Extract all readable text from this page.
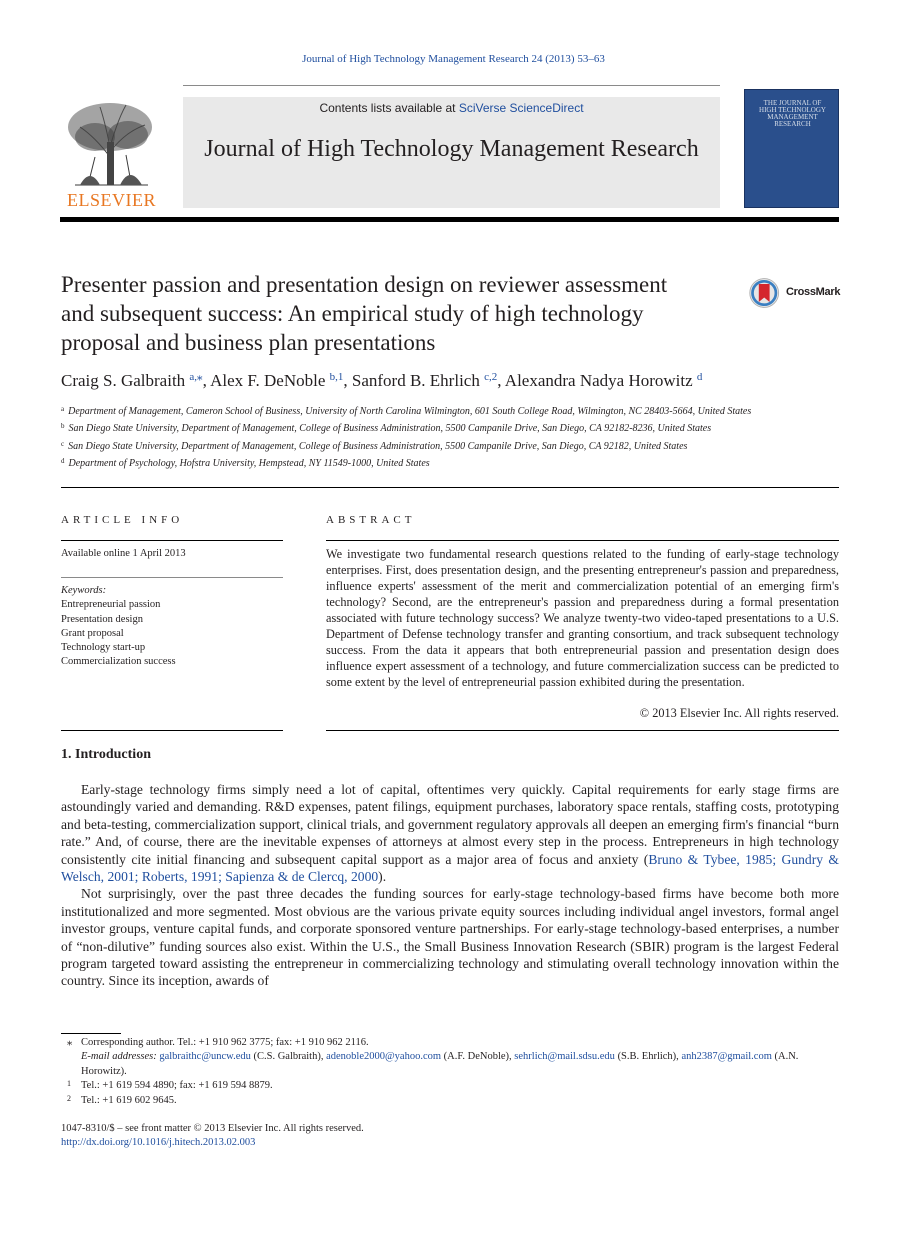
Journal of High Technology Management Research 24 (2013) 53–63
ELSEVIER
Contents lists available at SciVerse ScienceDirect
Journal of High Technology Management Research
THE JOURNAL OF HIGH TECHNOLOGY MANAGEMENT RESEARCH
Presenter passion and presentation design on reviewer assessment and subsequent success: An empirical study of high technology proposal and business plan presentations
CrossMark
Craig S. Galbraith $^{a,⁎}$, Alex F. DeNoble $^{b,1}$, Sanford B. Ehrlich $^{c,2}$, Alexandra Nadya Horowitz $^d$
$^a$ Department of Management, Cameron School of Business, University of North Carolina Wilmington, 601 South College Road, Wilmington, NC 28403-5664, United States
$^b$ San Diego State University, Department of Management, College of Business Administration, 5500 Campanile Drive, San Diego, CA 92182-8236, United States
$^c$ San Diego State University, Department of Management, College of Business Administration, 5500 Campanile Drive, San Diego, CA 92182, United States
$^d$ Department of Psychology, Hofstra University, Hempstead, NY 11549-1000, United States
ARTICLE INFO
Available online 1 April 2013
Keywords:
Entrepreneurial passion
Presentation design
Grant proposal
Technology start-up
Commercialization success
ABSTRACT
We investigate two fundamental research questions related to the funding of early-stage technology enterprises. First, does presentation design, and the presenting entrepreneur's passion and preparedness, influence experts' assessment of the merit and commercialization potential of an emerging firm's technology? Second, are the entrepreneur's passion and preparedness during a formal presentation associated with future technology success? We analyze twenty-two video-taped presentations to a U.S. Department of Defense technology transfer and granting consortium, and track subsequent technology success. From the data it appears that both entrepreneurial passion and presentation design does influence expert assessment of a technology, and future commercialization success can be predicted to some extent by the level of entrepreneurial passion exhibited during the presentation.
© 2013 Elsevier Inc. All rights reserved.
1. Introduction

Early-stage technology firms simply need a lot of capital, oftentimes very quickly. Capital requirements for early stage firms are astoundingly varied and demanding. R&D expenses, patent filings, equipment purchases, laboratory space rentals, staffing costs, prototyping and beta-testing, commercialization support, clinical trials, and government regulatory approvals all deepen an emerging firm's financial “burn rate.” And, of course, there are the inevitable expenses of attorneys at almost every step in the process. Entrepreneurs in high technology consistently cite initial financing and subsequent capital support as a major area of focus and anxiety (Bruno & Tybee, 1985; Gundry & Welsch, 2001; Roberts, 1991; Sapienza & de Clercq, 2000).

Not surprisingly, over the past three decades the funding sources for early-stage technology-based firms have become both more institutionalized and more segmented. Most obvious are the various private equity sources including individual angel investors, formal angel investor groups, venture capital funds, and corporate sponsored venture partnerships. For early-stage technology-based enterprises, a number of “non-dilutive” funding sources also exist. Within the U.S., the Small Business Innovation Research (SBIR) program is the largest Federal program targeted toward assisting the entrepreneur in commercializing technology and stimulating overall technology innovation within the country. Since its inception, awards of

⁎ Corresponding author. Tel.: +1 910 962 3775; fax: +1 910 962 2116.
E-mail addresses: galbraithc@uncw.edu (C.S. Galbraith), adenoble2000@yahoo.com (A.F. DeNoble), sehrlich@mail.sdsu.edu (S.B. Ehrlich), anh2387@gmail.com (A.N. Horowitz).
1 Tel.: +1 619 594 4890; fax: +1 619 594 8879.
2 Tel.: +1 619 602 9645.
1047-8310/$ – see front matter © 2013 Elsevier Inc. All rights reserved.
http://dx.doi.org/10.1016/j.hitech.2013.02.003
